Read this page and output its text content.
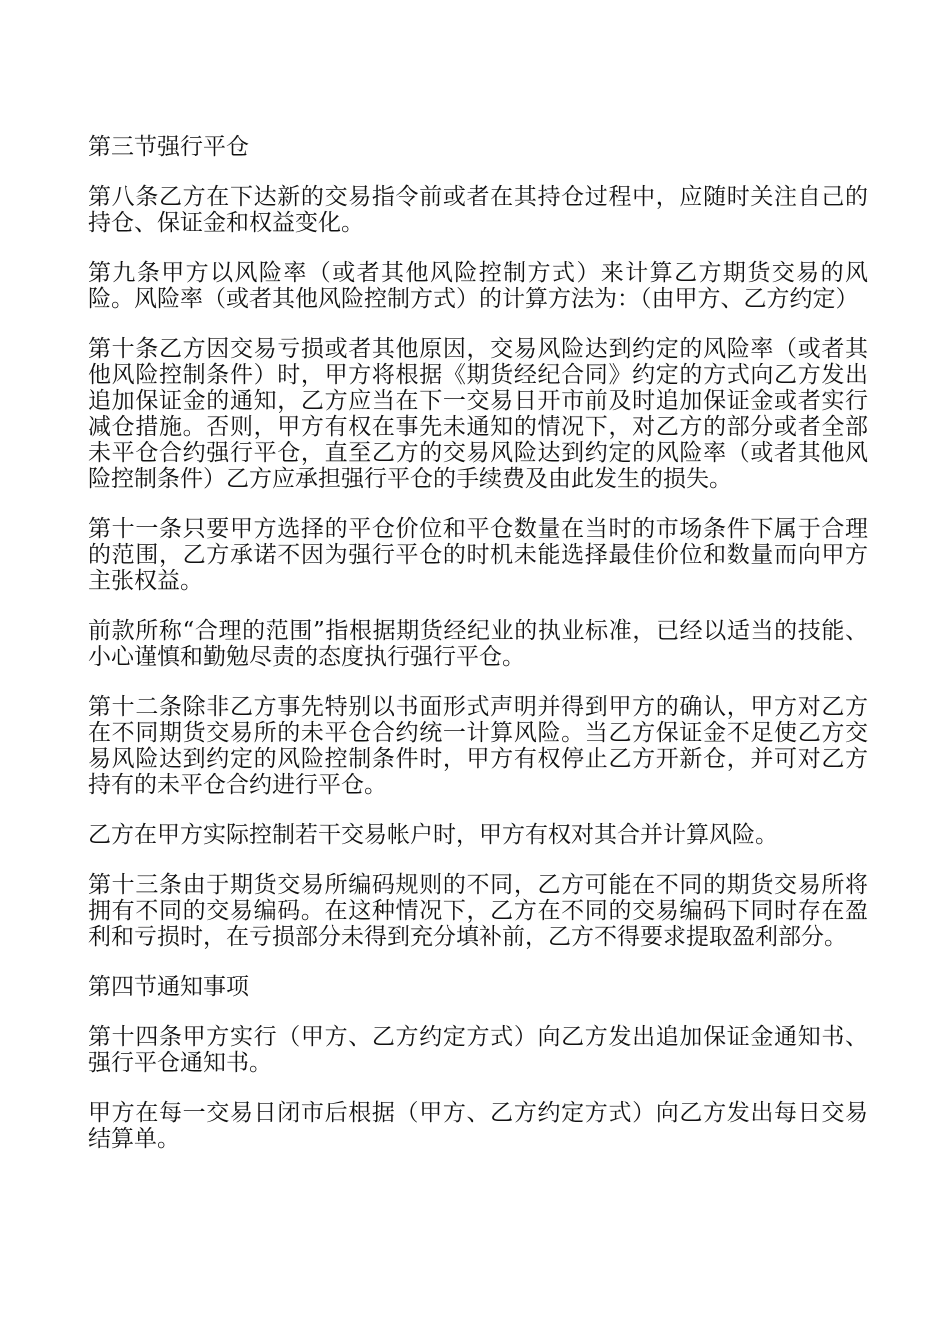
第三节强行平仓

第八条乙方在下达新的交易指令前或者在其持仓过程中，应随时关注自己的持仓、保证金和权益变化。

第九条甲方以风险率（或者其他风险控制方式）来计算乙方期货交易的风险。风险率（或者其他风险控制方式）的计算方法为：（由甲方、乙方约定）

第十条乙方因交易亏损或者其他原因，交易风险达到约定的风险率（或者其他风险控制条件）时，甲方将根据《期货经纪合同》约定的方式向乙方发出追加保证金的通知，乙方应当在下一交易日开市前及时追加保证金或者实行减仓措施。否则，甲方有权在事先未通知的情况下，对乙方的部分或者全部未平仓合约强行平仓，直至乙方的交易风险达到约定的风险率（或者其他风险控制条件）乙方应承担强行平仓的手续费及由此发生的损失。

第十一条只要甲方选择的平仓价位和平仓数量在当时的市场条件下属于合理的范围，乙方承诺不因为强行平仓的时机未能选择最佳价位和数量而向甲方主张权益。

前款所称“合理的范围”指根据期货经纪业的执业标准，已经以适当的技能、小心谨慎和勤勉尽责的态度执行强行平仓。

第十二条除非乙方事先特别以书面形式声明并得到甲方的确认，甲方对乙方在不同期货交易所的未平仓合约统一计算风险。当乙方保证金不足使乙方交易风险达到约定的风险控制条件时，甲方有权停止乙方开新仓，并可对乙方持有的未平仓合约进行平仓。

乙方在甲方实际控制若干交易帐户时，甲方有权对其合并计算风险。

第十三条由于期货交易所编码规则的不同，乙方可能在不同的期货交易所将拥有不同的交易编码。在这种情况下，乙方在不同的交易编码下同时存在盈利和亏损时，在亏损部分未得到充分填补前，乙方不得要求提取盈利部分。

第四节通知事项

第十四条甲方实行（甲方、乙方约定方式）向乙方发出追加保证金通知书、强行平仓通知书。

甲方在每一交易日闭市后根据（甲方、乙方约定方式）向乙方发出每日交易结算单。
